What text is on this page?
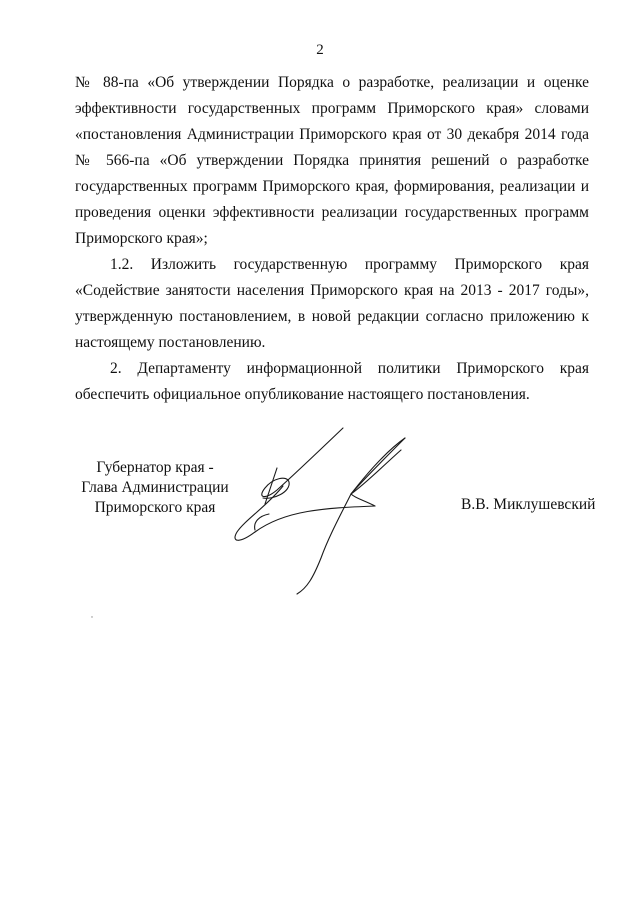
2
№ 88-па «Об утверждении Порядка о разработке, реализации и оценке
эффективности государственных программ Приморского края» словами
«постановления Администрации Приморского края от 30 декабря 2014 года
№ 566-па «Об утверждении Порядка принятия решений о разработке
государственных программ Приморского края, формирования, реализации и
проведения оценки эффективности реализации государственных программ
Приморского края»;
1.2. Изложить государственную программу Приморского края
«Содействие занятости населения Приморского края на 2013 - 2017 годы»,
утвержденную постановлением, в новой редакции согласно приложению к
настоящему постановлению.
2. Департаменту информационной политики Приморского края
обеспечить официальное опубликование настоящего постановления.
Губернатор края -
Глава Администрации
Приморского края	В.В. Миклушевский
